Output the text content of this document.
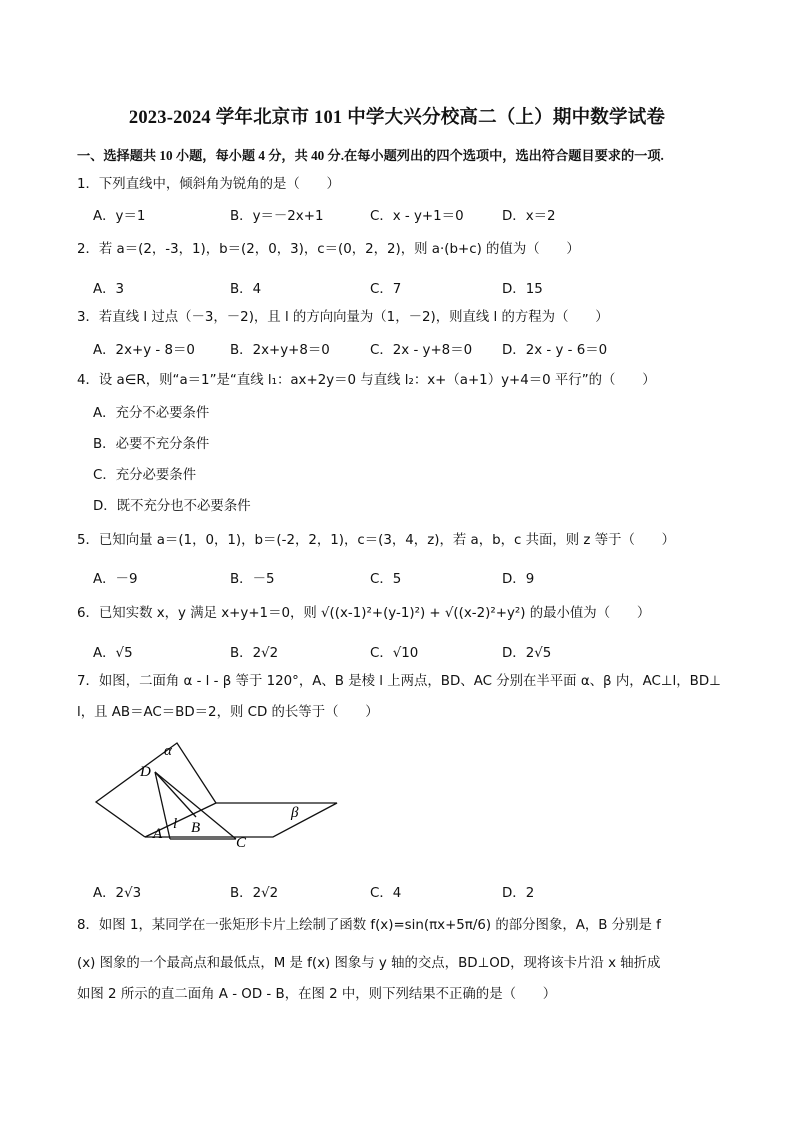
2023-2024 学年北京市 101 中学大兴分校高二（上）期中数学试卷
一、选择题共 10 小题，每小题 4 分，共 40 分.在每小题列出的四个选项中，选出符合题目要求的一项.
1．下列直线中，倾斜角为锐角的是（　　）
A．y＝1	B．y＝－2x+1	C．x - y+1＝0	D．x＝2
2．若 a＝(2，-3，1)，b＝(2，0，3)，c＝(0，2，2)，则 a·(b+c) 的值为（　　）
A．3	B．4	C．7	D．15
3．若直线 l 过点（－3，－2)，且 l 的方向向量为（1，－2)，则直线 l 的方程为（　　）
A．2x+y - 8＝0	B．2x+y+8＝0	C．2x - y+8＝0 D．2x - y - 6＝0
4．设 a∈R，则“a＝1”是“直线 l₁：ax+2y＝0 与直线 l₂：x+（a+1）y+4＝0 平行”的（　　）
A．充分不必要条件
B．必要不充分条件
C．充分必要条件
D．既不充分也不必要条件
5．已知向量 a＝(1，0，1)，b＝(-2，2，1)，c＝(3，4，z)，若 a，b，c 共面，则 z 等于（　　）
A．－9	B．－5	C．5	D．9
6．已知实数 x，y 满足 x+y+1＝0，则 √((x-1)²+(y-1)²) + √((x-2)²+y²) 的最小值为（　　）
A．√5	B．2√2	C．√10	D．2√5
7．如图，二面角 α - l - β 等于 120°，A、B 是棱 l 上两点，BD、AC 分别在半平面 α、β 内，AC⊥l，BD⊥
l，且 AB＝AC＝BD＝2，则 CD 的长等于（　　）
α
β
D
A
l B
C
A．2√3	B．2√2	C．4	D．2
8．如图 1，某同学在一张矩形卡片上绘制了函数 f(x)=sin(πx+5π/6) 的部分图象，A，B 分别是 f
(x) 图象的一个最高点和最低点，M 是 f(x) 图象与 y 轴的交点，BD⊥OD，现将该卡片沿 x 轴折成
如图 2 所示的直二面角 A - OD - B，在图 2 中，则下列结果不正确的是（　　）
